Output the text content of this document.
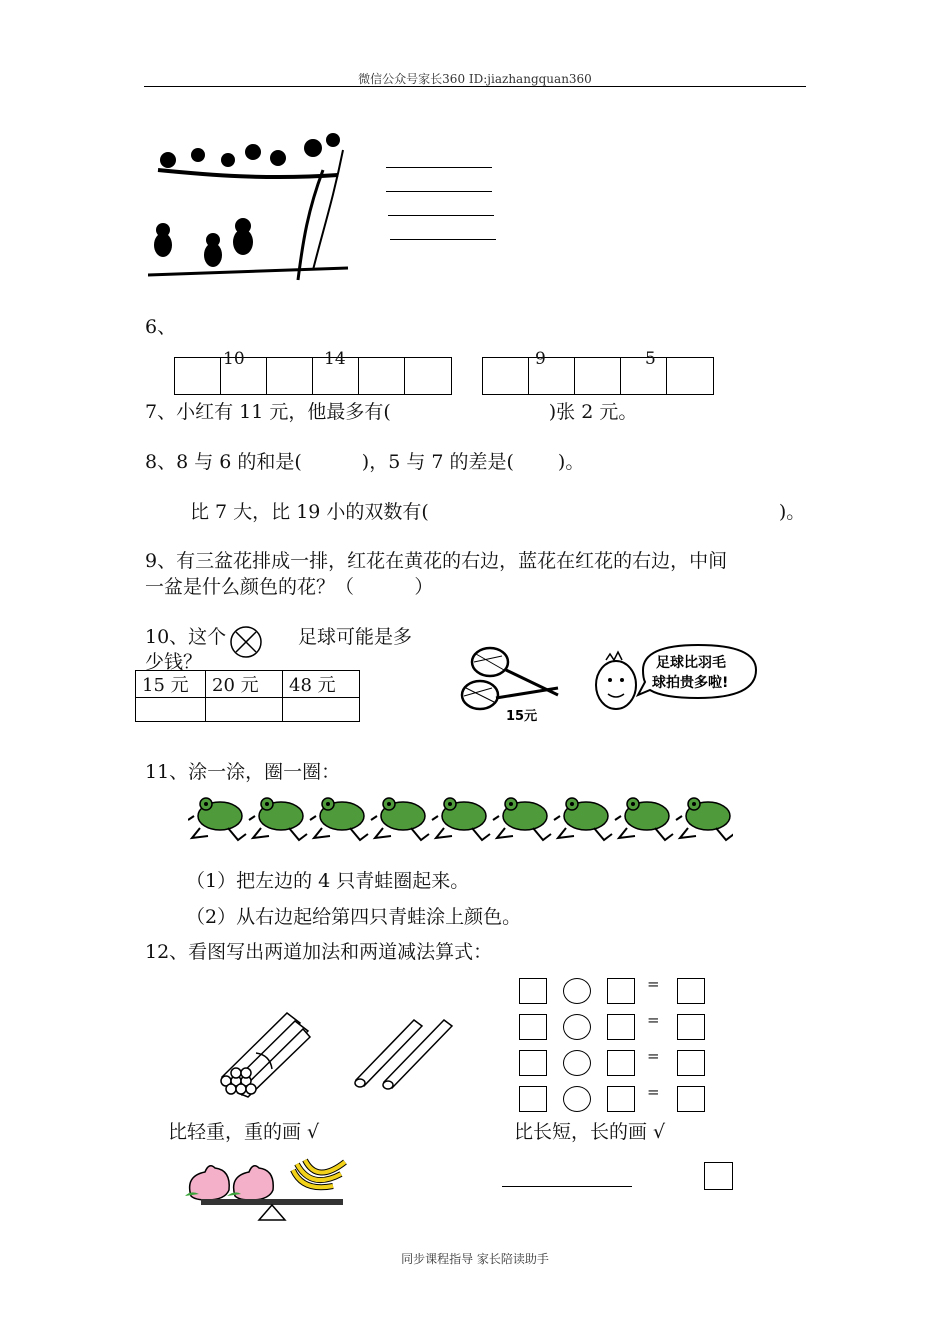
微信公众号家长360 ID:jiazhangquan360
同步课程指导 家长陪读助手
6、
10	14	9	5
7、小红有 11 元，他最多有(	)张 2 元。
8、8 与 6 的和是(	)，5 与 7 的差是( )。
比 7 大，比 19 小的双数有(	)。
9、有三盆花排成一排，红花在黄花的右边，蓝花在红花的右边，中间
一盆是什么颜色的花？（          ）
10、这个	足球可能是多
少钱？
15 元	20 元	48 元

15元
足球比羽毛
球拍贵多啦!
11、涂一涂，圈一圈：
（1）把左边的 4 只青蛙圈起来。
（2）从右边起给第四只青蛙涂上颜色。
12、看图写出两道加法和两道减法算式：
=
=
=
=
比轻重，重的画 √	比长短，长的画 √
